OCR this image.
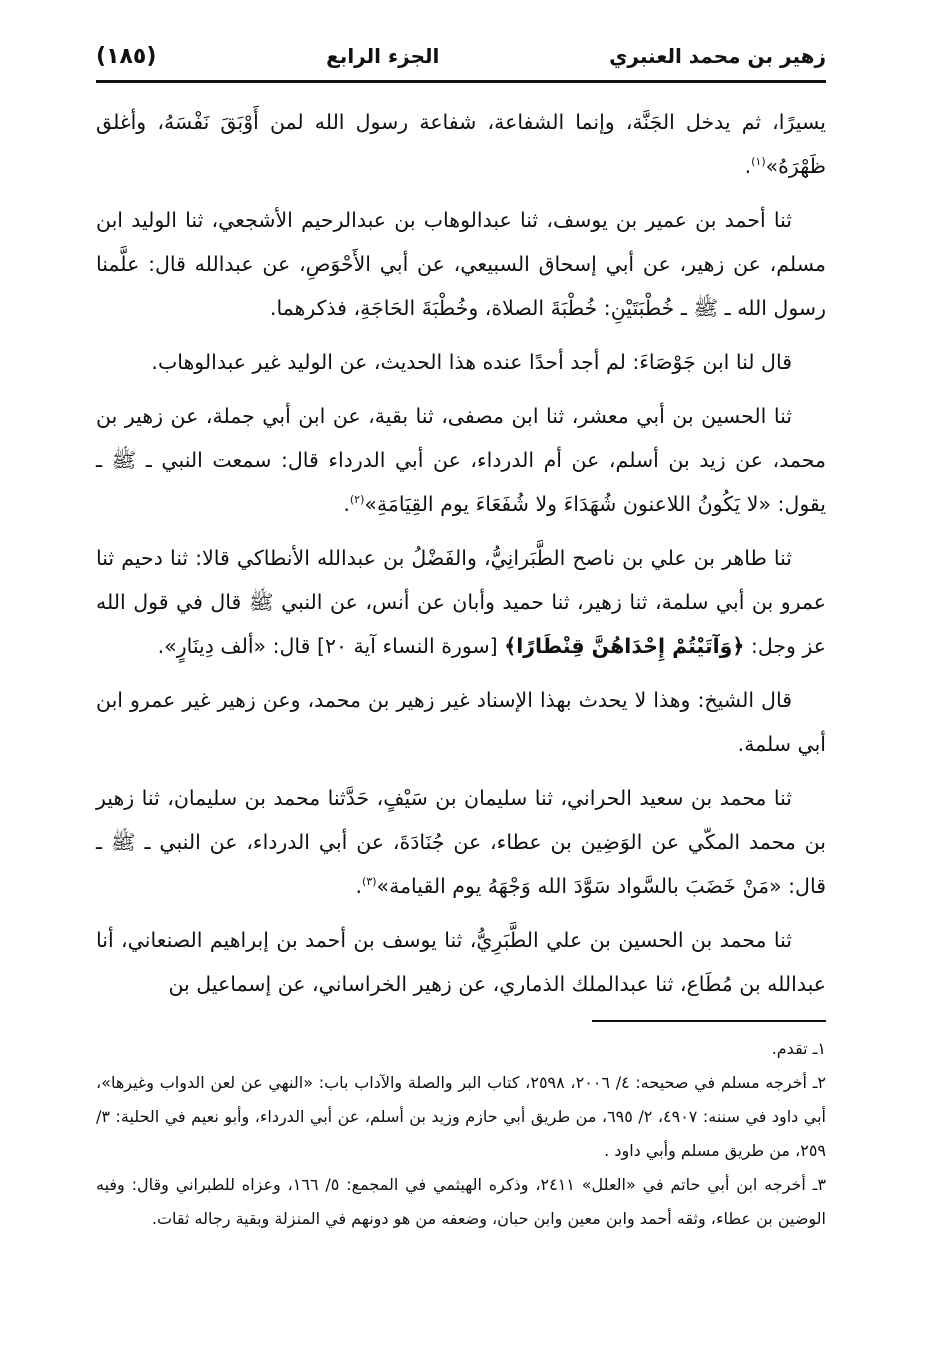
زهير بن محمد العنبري
الجزء الرابع
(١٨٥)

يسيرًا، ثم يدخل الجَنَّة، وإنما الشفاعة، شفاعة رسول الله لمن أَوْبَقَ نَفْسَهُ، وأغلق ظَهْرَهُ»$^{(١)}$.

ثنا أحمد بن عمير بن يوسف، ثنا عبدالوهاب بن عبدالرحيم الأشجعي، ثنا الوليد ابن مسلم، عن زهير، عن أبي إسحاق السبيعي، عن أبي الأَحْوَصِ، عن عبدالله قال: علَّمنا رسول الله ـ ﷺ ـ خُطْبَتَيْنِ: خُطْبَةَ الصلاة، وخُطْبَةَ الحَاجَةِ، فذكرهما.

قال لنا ابن جَوْصَاءَ: لم أجد أحدًا عنده هذا الحديث، عن الوليد غير عبدالوهاب.

ثنا الحسين بن أبي معشر، ثنا ابن مصفى، ثنا بقية، عن ابن أبي جملة، عن زهير بن محمد، عن زيد بن أسلم، عن أم الدرداء، عن أبي الدرداء قال: سمعت النبي ـ ﷺ ـ يقول: «لا يَكُونُ اللاعنون شُهَدَاءَ ولا شُفَعَاءَ يوم القِيَامَةِ»$^{(٢)}$.

ثنا طاهر بن علي بن ناصح الطَّبَرانِيُّ، والفَضْلُ بن عبدالله الأنطاكي قالا: ثنا دحيم ثنا عمرو بن أبي سلمة، ثنا زهير، ثنا حميد وأبان عن أنس، عن النبي ﷺ قال في قول الله عز وجل: ﴿وَآتَيْتُمْ إِحْدَاهُنَّ قِنْطَارًا﴾ [سورة النساء آية ٢٠] قال: «ألف دِينَارٍ».

قال الشيخ: وهذا لا يحدث بهذا الإسناد غير زهير بن محمد، وعن زهير غير عمرو ابن أبي سلمة.

ثنا محمد بن سعيد الحراني، ثنا سليمان بن سَيْفٍ، حَدَّثنا محمد بن سليمان، ثنا زهير بن محمد المكّي عن الوَضِين بن عطاء، عن جُنَادَةَ، عن أبي الدرداء، عن النبي ـ ﷺ ـ قال: «مَنْ خَضَبَ بالسَّواد سَوَّدَ الله وَجْهَهُ يوم القيامة»$^{(٣)}$.

ثنا محمد بن الحسين بن علي الطَّبَرِيُّ، ثنا يوسف بن أحمد بن إبراهيم الصنعاني، أنا عبدالله بن مُطَاع، ثنا عبدالملك الذماري، عن زهير الخراساني، عن إسماعيل بن

١ـ تقدم.

٢ـ أخرجه مسلم في صحيحه: ٤/ ٢٠٠٦، ٢٥٩٨، كتاب البر والصلة والآداب باب: «النهي عن لعن الدواب وغيرها»، أبي داود في سننه: ٤٩٠٧، ٢/ ٦٩٥، من طريق أبي حازم وزيد بن أسلم، عن أبي الدرداء، وأبو نعيم في الحلية: ٣/ ٢٥٩، من طريق مسلم وأبي داود .

٣ـ أخرجه ابن أبي حاتم في «العلل» ٢٤١١، وذكره الهيثمي في المجمع: ٥/ ١٦٦، وعزاه للطبراني وقال: وفيه الوضين بن عطاء، وثقه أحمد وابن معين وابن حبان، وضعفه من هو دونهم في المنزلة وبقية رجاله ثقات.
